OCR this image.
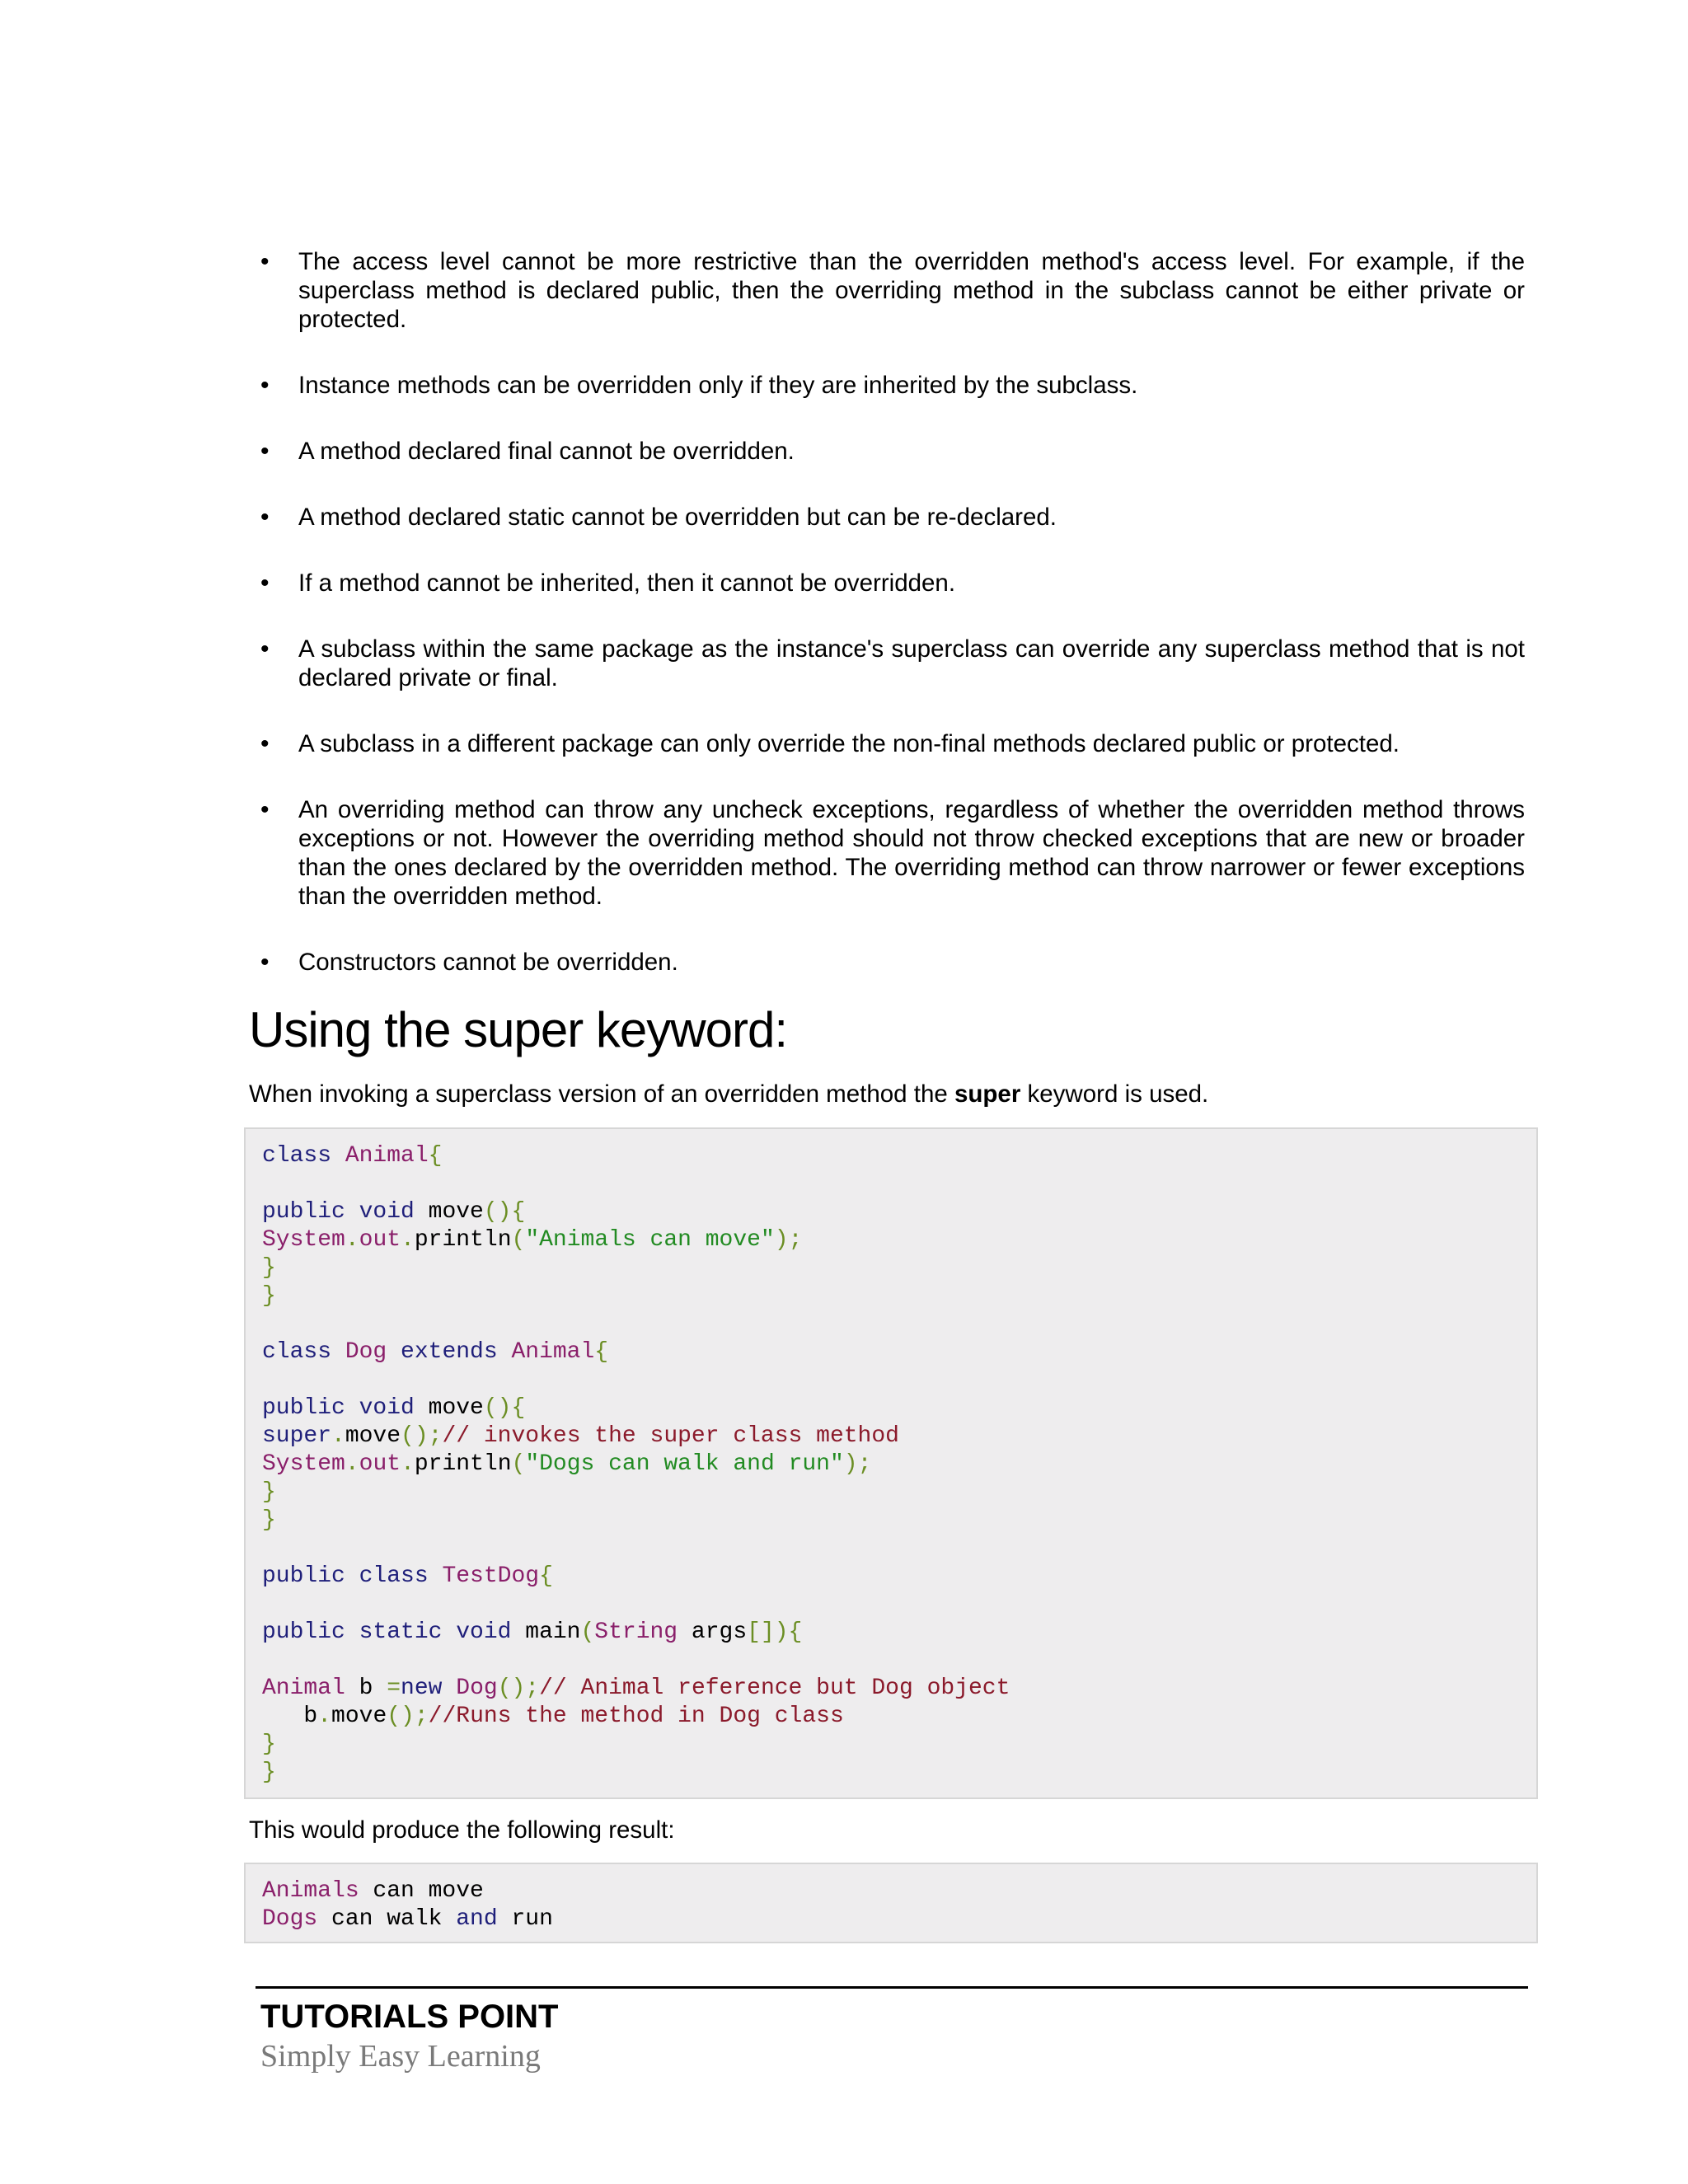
• The access level cannot be more restrictive than the overridden method's access level. For example, if the superclass method is declared public, then the overriding method in the subclass cannot be either private or protected.
• Instance methods can be overridden only if they are inherited by the subclass.
• A method declared final cannot be overridden.
• A method declared static cannot be overridden but can be re-declared.
• If a method cannot be inherited, then it cannot be overridden.
• A subclass within the same package as the instance's superclass can override any superclass method that is not declared private or final.
• A subclass in a different package can only override the non-final methods declared public or protected.
• An overriding method can throw any uncheck exceptions, regardless of whether the overridden method throws exceptions or not. However the overriding method should not throw checked exceptions that are new or broader than the ones declared by the overridden method. The overriding method can throw narrower or fewer exceptions than the overridden method.
• Constructors cannot be overridden.
Using the super keyword:

When invoking a superclass version of an overridden method the super keyword is used.

class Animal{
public void move(){
System.out.println("Animals can move");
}
}
class Dog extends Animal{
public void move(){
super.move();// invokes the super class method
System.out.println("Dogs can walk and run");
}
}
public class TestDog{
public static void main(String args[]){
Animal b =new Dog();// Animal reference but Dog object
b.move();//Runs the method in Dog class
}
}

This would produce the following result:

Animals can move
Dogs can walk and run
TUTORIALS POINT
Simply Easy Learning
